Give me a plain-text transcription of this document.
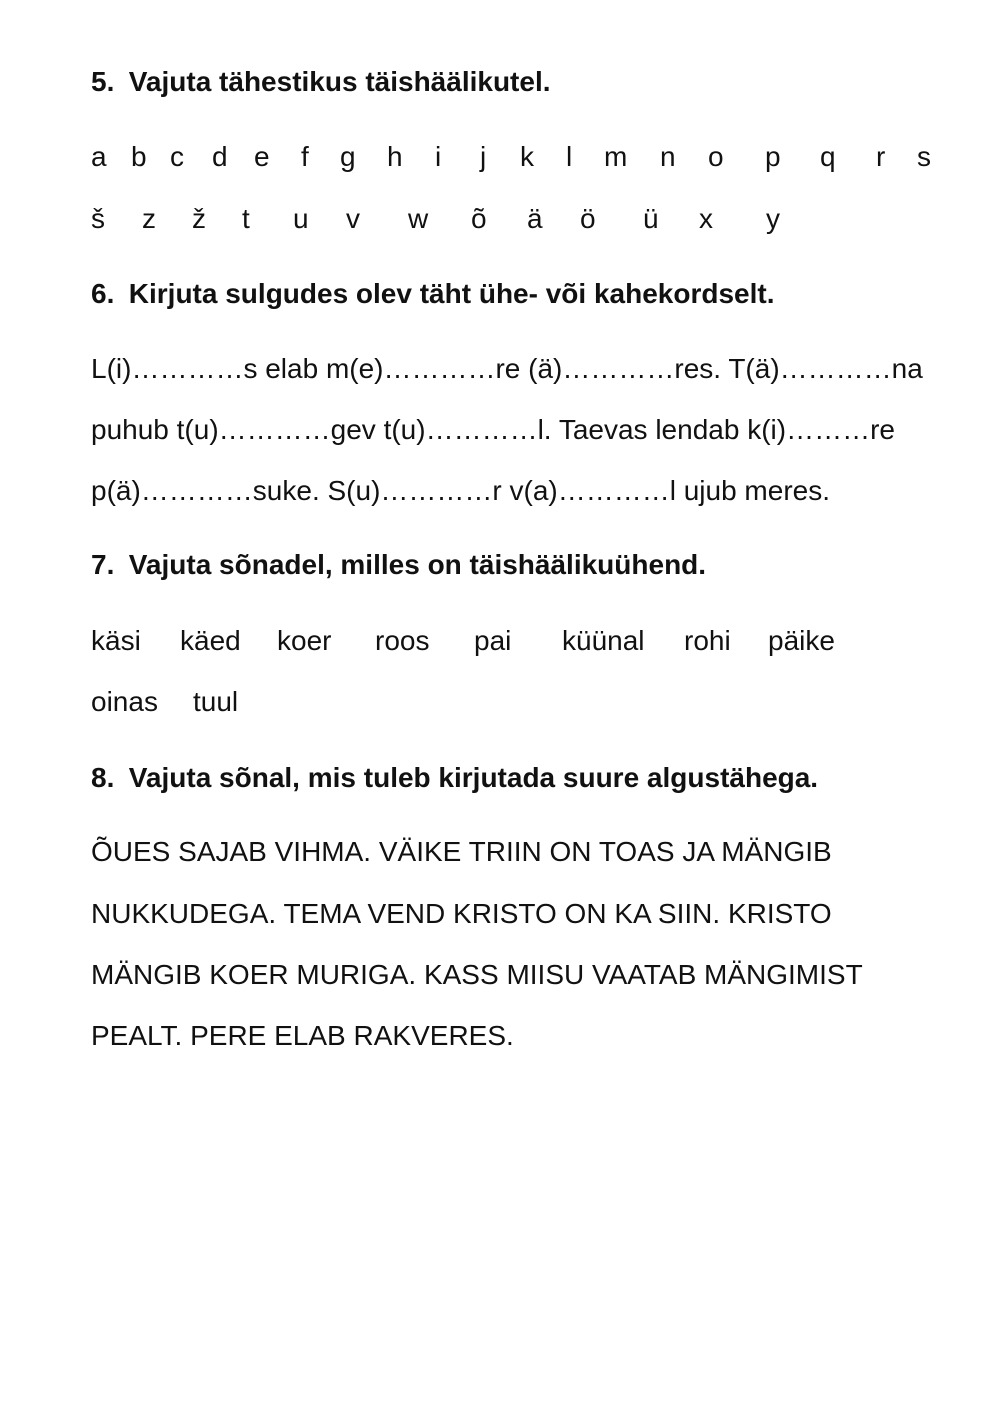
5. Vajuta tähestikus täishäälikutel.
a b c d e f g h i j k l m n o p q r s
š z ž t u v w õ ä ö ü x y
6. Kirjuta sulgudes olev täht ühe- või kahekordselt.
L(i)…………s elab m(e)…………re (ä)…………res. T(ä)…………na
puhub t(u)…………gev t(u)…………l. Taevas lendab k(i)………re
p(ä)…………suke. S(u)…………r v(a)…………l ujub meres.
7. Vajuta sõnadel, milles on täishäälikuühend.
käsi käed koer roos pai küünal rohi päike
oinas tuul
8. Vajuta sõnal, mis tuleb kirjutada suure algustähega.
ÕUES SAJAB VIHMA. VÄIKE TRIIN ON TOAS JA MÄNGIB
NUKKUDEGA. TEMA VEND KRISTO ON KA SIIN. KRISTO
MÄNGIB KOER MURIGA. KASS MIISU VAATAB MÄNGIMIST
PEALT. PERE ELAB RAKVERES.
